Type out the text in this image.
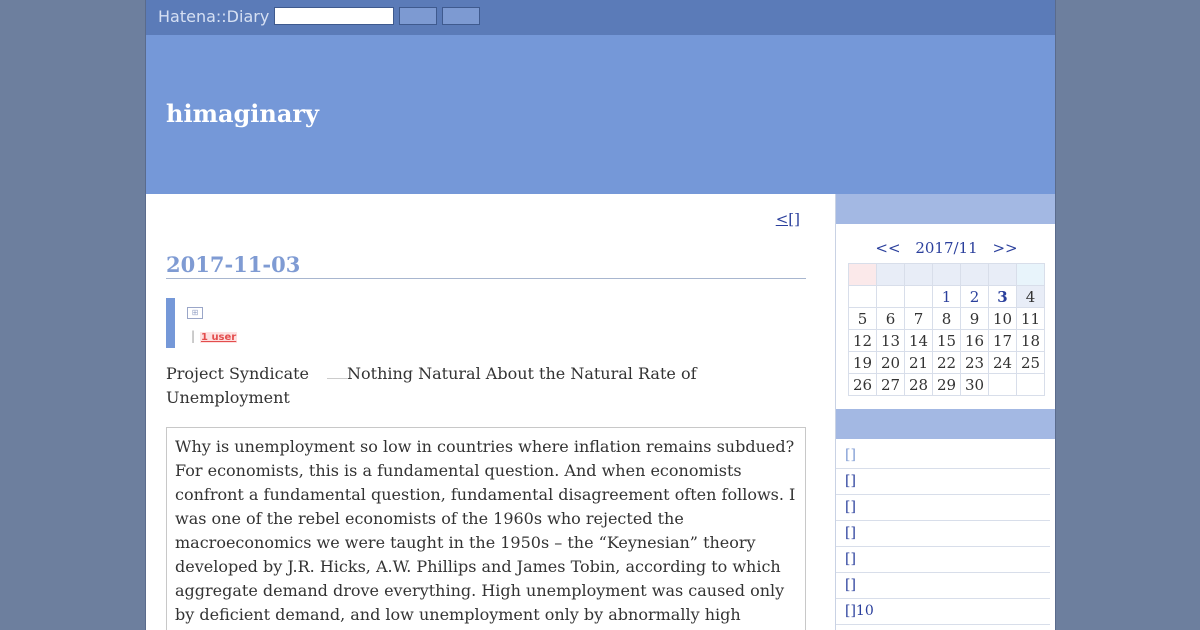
Hatena::Diary
himaginary
<[]
2017-11-03
⊞
| 1 user
Project Syndicate Nothing Natural About the Natural Rate of Unemployment
Why is unemployment so low in countries where inflation remains subdued? For economists, this is a fundamental question. And when economists confront a fundamental question, fundamental disagreement often follows. I was one of the rebel economists of the 1960s who rejected the macroeconomics we were taught in the 1950s – the “Keynesian” theory developed by J.R. Hicks, A.W. Phillips and James Tobin, according to which aggregate demand drove everything. High unemployment was caused only by deficient demand, and low unemployment only by abnormally high
<< 2017/11 >>

			1	2	3	4
5	6	7	8	9	10	11
12	13	14	15	16	17	18
19	20	21	22	23	24	25
26	27	28	29	30		
[]
[]
[]
[]
[]
[]
[]10
